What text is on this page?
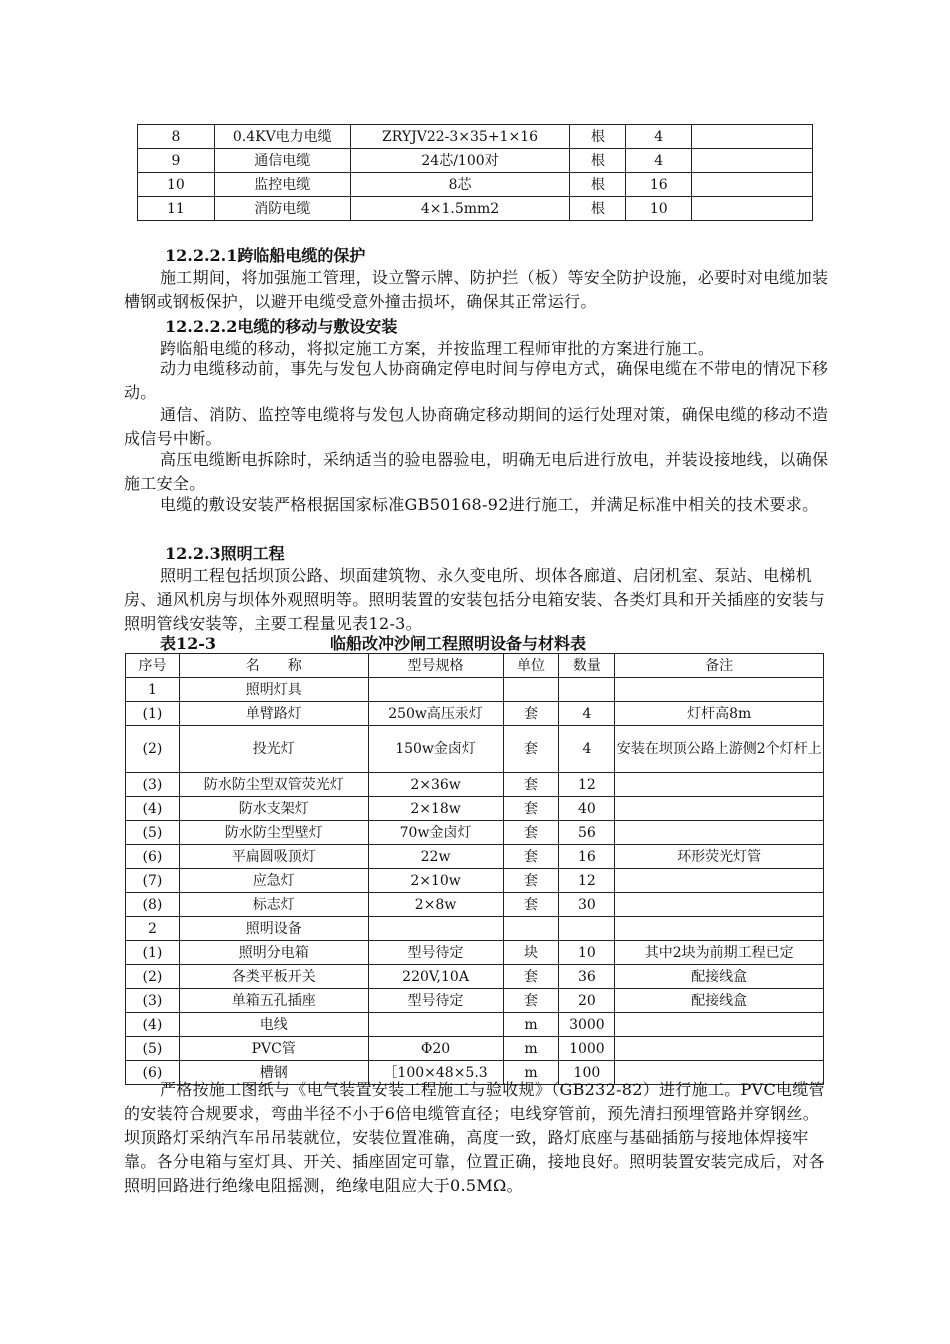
8	0.4KV电力电缆	ZRYJV22-3×35+1×16	根	4	
9	通信电缆	24芯/100对	根	4	
10	监控电缆	8芯	根	16	
11	消防电缆	4×1.5mm2	根	10	
12.2.2.1跨临船电缆的保护
施工期间，将加强施工管理，设立警示牌、防护拦（板）等安全防护设施，必要时对电缆加装槽钢或钢板保护，以避开电缆受意外撞击损坏，确保其正常运行。
12.2.2.2电缆的移动与敷设安装
跨临船电缆的移动，将拟定施工方案，并按监理工程师审批的方案进行施工。
动力电缆移动前，事先与发包人协商确定停电时间与停电方式，确保电缆在不带电的情况下移动。
通信、消防、监控等电缆将与发包人协商确定移动期间的运行处理对策，确保电缆的移动不造成信号中断。
高压电缆断电拆除时，采纳适当的验电器验电，明确无电后进行放电，并装设接地线，以确保施工安全。
电缆的敷设安装严格根据国家标准GB50168-92进行施工，并满足标准中相关的技术要求。
12.2.3照明工程
照明工程包括坝顶公路、坝面建筑物、永久变电所、坝体各廊道、启闭机室、泵站、电梯机房、通风机房与坝体外观照明等。照明装置的安装包括分电箱安装、各类灯具和开关插座的安装与照明管线安装等，主要工程量见表12-3。
表12-3	临船改冲沙闸工程照明设备与材料表
序号	名　　称	型号规格	单位	数量	备注
1	照明灯具				
(1)	单臂路灯	250w高压汞灯	套	4	灯杆高8m
(2)	投光灯	150w金卤灯	套	4	安装在坝顶公路上游侧2个灯杆上
(3)	防水防尘型双管荧光灯	2×36w	套	12	
(4)	防水支架灯	2×18w	套	40	
(5)	防水防尘型壁灯	70w金卤灯	套	56	
(6)	平扁圆吸顶灯	22w	套	16	环形荧光灯管
(7)	应急灯	2×10w	套	12	
(8)	标志灯	2×8w	套	30	
2	照明设备				
(1)	照明分电箱	型号待定	块	10	其中2块为前期工程已定
(2)	各类平板开关	220V,10A	套	36	配接线盒
(3)	单箱五孔插座	型号待定	套	20	配接线盒
(4)	电线		m	3000	
(5)	PVC管	Φ20	m	1000	
(6)	槽钢	［100×48×5.3	m	100	
严格按施工图纸与《电气装置安装工程施工与验收规》（GB232-82）进行施工。PVC电缆管的安装符合规要求，弯曲半径不小于6倍电缆管直径；电线穿管前，预先清扫预埋管路并穿钢丝。坝顶路灯采纳汽车吊吊装就位，安装位置准确，高度一致，路灯底座与基础插筋与接地体焊接牢靠。各分电箱与室灯具、开关、插座固定可靠，位置正确，接地良好。照明装置安装完成后，对各照明回路进行绝缘电阻摇测，绝缘电阻应大于0.5MΩ。
